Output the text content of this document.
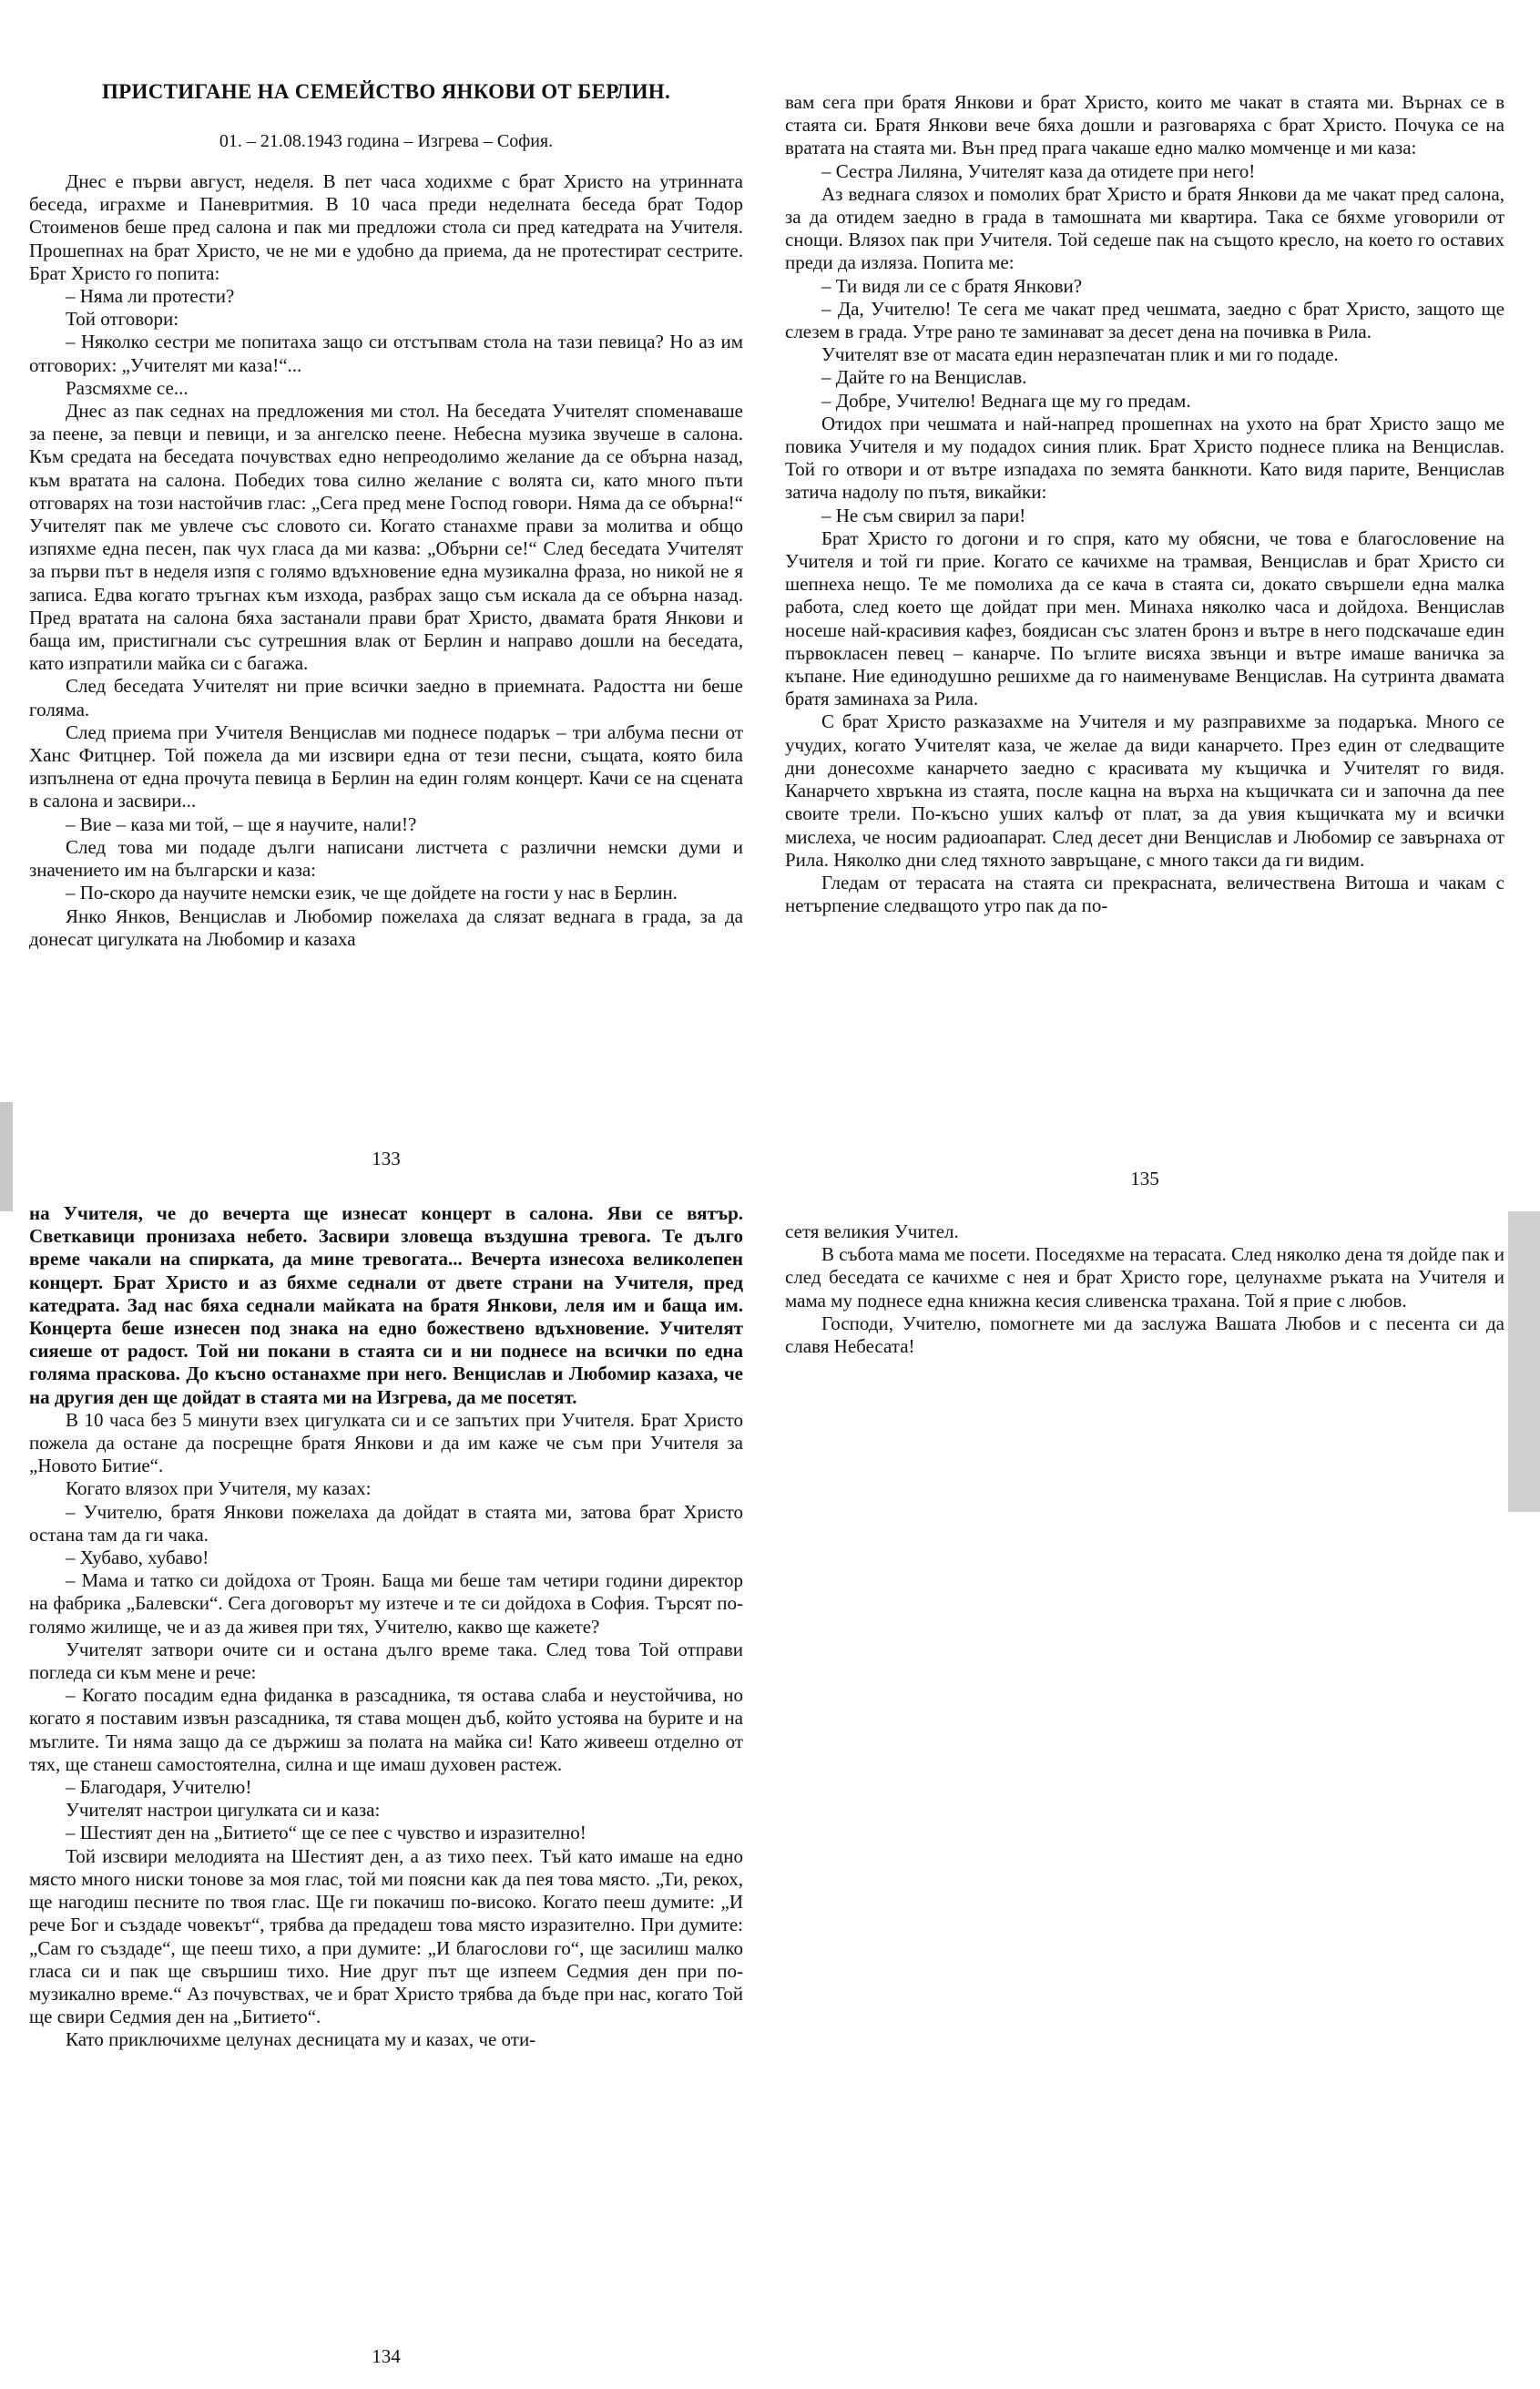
ПРИСТИГАНЕ НА СЕМЕЙСТВО ЯНКОВИ ОТ БЕРЛИН.
01. – 21.08.1943 година – Изгрева – София.

Днес е първи август, неделя. В пет часа ходихме с брат Христо на утринната беседа, играхме и Паневритмия. В 10 часа преди неделната беседа брат Тодор Стоименов беше пред салона и пак ми предложи стола си пред катедрата на Учителя. Прошепнах на брат Христо, че не ми е удобно да приема, да не протестират сестрите. Брат Христо го попита:

– Няма ли протести?

Той отговори:

– Няколко сестри ме попитаха защо си отстъпвам стола на тази певица? Но аз им отговорих: „Учителят ми каза!“...

Разсмяхме се...

Днес аз пак седнах на предложения ми стол. На беседата Учителят споменаваше за пеене, за певци и певици, и за ангелско пеене. Небесна музика звучеше в салона. Към средата на беседата почувствах едно непреодолимо желание да се обърна назад, към вратата на салона. Победих това силно желание с волята си, като много пъти отговарях на този настойчив глас: „Сега пред мене Господ говори. Няма да се обърна!“ Учителят пак ме увлече със словото си. Когато станахме прави за молитва и общо изпяхме една песен, пак чух гласа да ми казва: „Обърни се!“ След беседата Учителят за първи път в неделя изпя с голямо вдъхновение една музикална фраза, но никой не я записа. Едва когато тръгнах към изхода, разбрах защо съм искала да се обърна назад. Пред вратата на салона бяха застанали прави брат Христо, двамата братя Янкови и баща им, пристигнали със сутрешния влак от Берлин и направо дошли на беседата, като изпратили майка си с багажа.

След беседата Учителят ни прие всички заедно в приемната. Радостта ни беше голяма.

След приема при Учителя Венцислав ми поднесе подарък – три албума песни от Ханс Фитцнер. Той пожела да ми изсвири една от тези песни, същата, която била изпълнена от една прочута певица в Берлин на един голям концерт. Качи се на сцената в салона и засвири...

– Вие – каза ми той, – ще я научите, нали!?

След това ми подаде дълги написани листчета с различни немски думи и значението им на български и каза:

– По-скоро да научите немски език, че ще дойдете на гости у нас в Берлин.

Янко Янков, Венцислав и Любомир пожелаха да слязат веднага в града, за да донесат цигулката на Любомир и казаха

133

вам сега при братя Янкови и брат Христо, които ме чакат в стаята ми. Върнах се в стаята си. Братя Янкови вече бяха дошли и разговаряха с брат Христо. Почука се на вратата на стаята ми. Вън пред прага чакаше едно малко момченце и ми каза:

– Сестра Лиляна, Учителят каза да отидете при него!

Аз веднага слязох и помолих брат Христо и братя Янкови да ме чакат пред салона, за да отидем заедно в града в тамошната ми квартира. Така се бяхме уговорили от снощи. Влязох пак при Учителя. Той седеше пак на същото кресло, на което го оставих преди да изляза. Попита ме:

– Ти видя ли се с братя Янкови?

– Да, Учителю! Те сега ме чакат пред чешмата, заедно с брат Христо, защото ще слезем в града. Утре рано те заминават за десет дена на почивка в Рила.

Учителят взе от масата един неразпечатан плик и ми го подаде.

– Дайте го на Венцислав.

– Добре, Учителю! Веднага ще му го предам.

Отидох при чешмата и най-напред прошепнах на ухото на брат Христо защо ме повика Учителя и му подадох синия плик. Брат Христо поднесе плика на Венцислав. Той го отвори и от вътре изпадаха по земята банкноти. Като видя парите, Венцислав затича надолу по пътя, викайки:

– Не съм свирил за пари!

Брат Христо го догони и го спря, като му обясни, че това е благословение на Учителя и той ги прие. Когато се качихме на трамвая, Венцислав и брат Христо си шепнеха нещо. Те ме помолиха да се кача в стаята си, докато свършели една малка работа, след което ще дойдат при мен. Минаха няколко часа и дойдоха. Венцислав носеше най-красивия кафез, боядисан със златен бронз и вътре в него подскачаше един първокласен певец – канарче. По ъглите висяха звънци и вътре имаше ваничка за къпане. Ние единодушно решихме да го наименуваме Венцислав. На сутринта двамата братя заминаха за Рила.

С брат Христо разказахме на Учителя и му разправихме за подаръка. Много се учудих, когато Учителят каза, че желае да види канарчето. През един от следващите дни донесохме канарчето заедно с красивата му къщичка и Учителят го видя. Канарчето хвръкна из стаята, после кацна на върха на къщичката си и започна да пее своите трели. По-късно уших калъф от плат, за да увия къщичката му и всички мислеха, че носим радиоапарат. След десет дни Венцислав и Любомир се завърнаха от Рила. Няколко дни след тяхното завръщане, с много такси да ги видим.

Гледам от терасата на стаята си прекрасната, величествена Витоша и чакам с нетърпение следващото утро пак да по-

135

на Учителя, че до вечерта ще изнесат концерт в салона. Яви се вятър. Светкавици пронизаха небето. Засвири зловеща въздушна тревога. Те дълго време чакали на спирката, да мине тревогата... Вечерта изнесоха великолепен концерт. Брат Христо и аз бяхме седнали от двете страни на Учителя, пред катедрата. Зад нас бяха седнали майката на братя Янкови, леля им и баща им. Концерта беше изнесен под знака на едно божествено вдъхновение. Учителят сияеше от радост. Той ни покани в стаята си и ни поднесе на всички по една голяма праскова. До късно останахме при него. Венцислав и Любомир казаха, че на другия ден ще дойдат в стаята ми на Изгрева, да ме посетят.

В 10 часа без 5 минути взех цигулката си и се запътих при Учителя. Брат Христо пожела да остане да посрещне братя Янкови и да им каже че съм при Учителя за „Новото Битие“.

Когато влязох при Учителя, му казах:

– Учителю, братя Янкови пожелаха да дойдат в стаята ми, затова брат Христо остана там да ги чака.

– Хубаво, хубаво!

– Мама и татко си дойдоха от Троян. Баща ми беше там четири години директор на фабрика „Балевски“. Сега договорът му изтече и те си дойдоха в София. Търсят по-голямо жилище, че и аз да живея при тях, Учителю, какво ще кажете?

Учителят затвори очите си и остана дълго време така. След това Той отправи погледа си към мене и рече:

– Когато посадим една фиданка в разсадника, тя остава слаба и неустойчива, но когато я поставим извън разсадника, тя става мощен дъб, който устоява на бурите и на мъглите. Ти няма защо да се държиш за полата на майка си! Като живееш отделно от тях, ще станеш самостоятелна, силна и ще имаш духовен растеж.

– Благодаря, Учителю!

Учителят настрои цигулката си и каза:

– Шестият ден на „Битието“ ще се пее с чувство и изразително!

Той изсвири мелодията на Шестият ден, а аз тихо пеех. Тъй като имаше на едно място много ниски тонове за моя глас, той ми поясни как да пея това място. „Ти, рекох, ще нагодиш песните по твоя глас. Ще ги покачиш по-високо. Когато пееш думите: „И рече Бог и създаде човекът“, трябва да предадеш това място изразително. При думите: „Сам го създаде“, ще пееш тихо, а при думите: „И благослови го“, ще засилиш малко гласа си и пак ще свършиш тихо. Ние друг път ще изпеем Седмия ден при по-музикално време.“ Аз почувствах, че и брат Христо трябва да бъде при нас, когато Той ще свири Седмия ден на „Битието“.

Като приключихме целунах десницата му и казах, че оти-

134

сетя великия Учител.

В събота мама ме посети. Поседяхме на терасата. След няколко дена тя дойде пак и след беседата се качихме с нея и брат Христо горе, целунахме ръката на Учителя и мама му поднесе една книжна кесия сливенска трахана. Той я прие с любов.

Господи, Учителю, помогнете ми да заслужа Вашата Любов и с песента си да славя Небесата!
